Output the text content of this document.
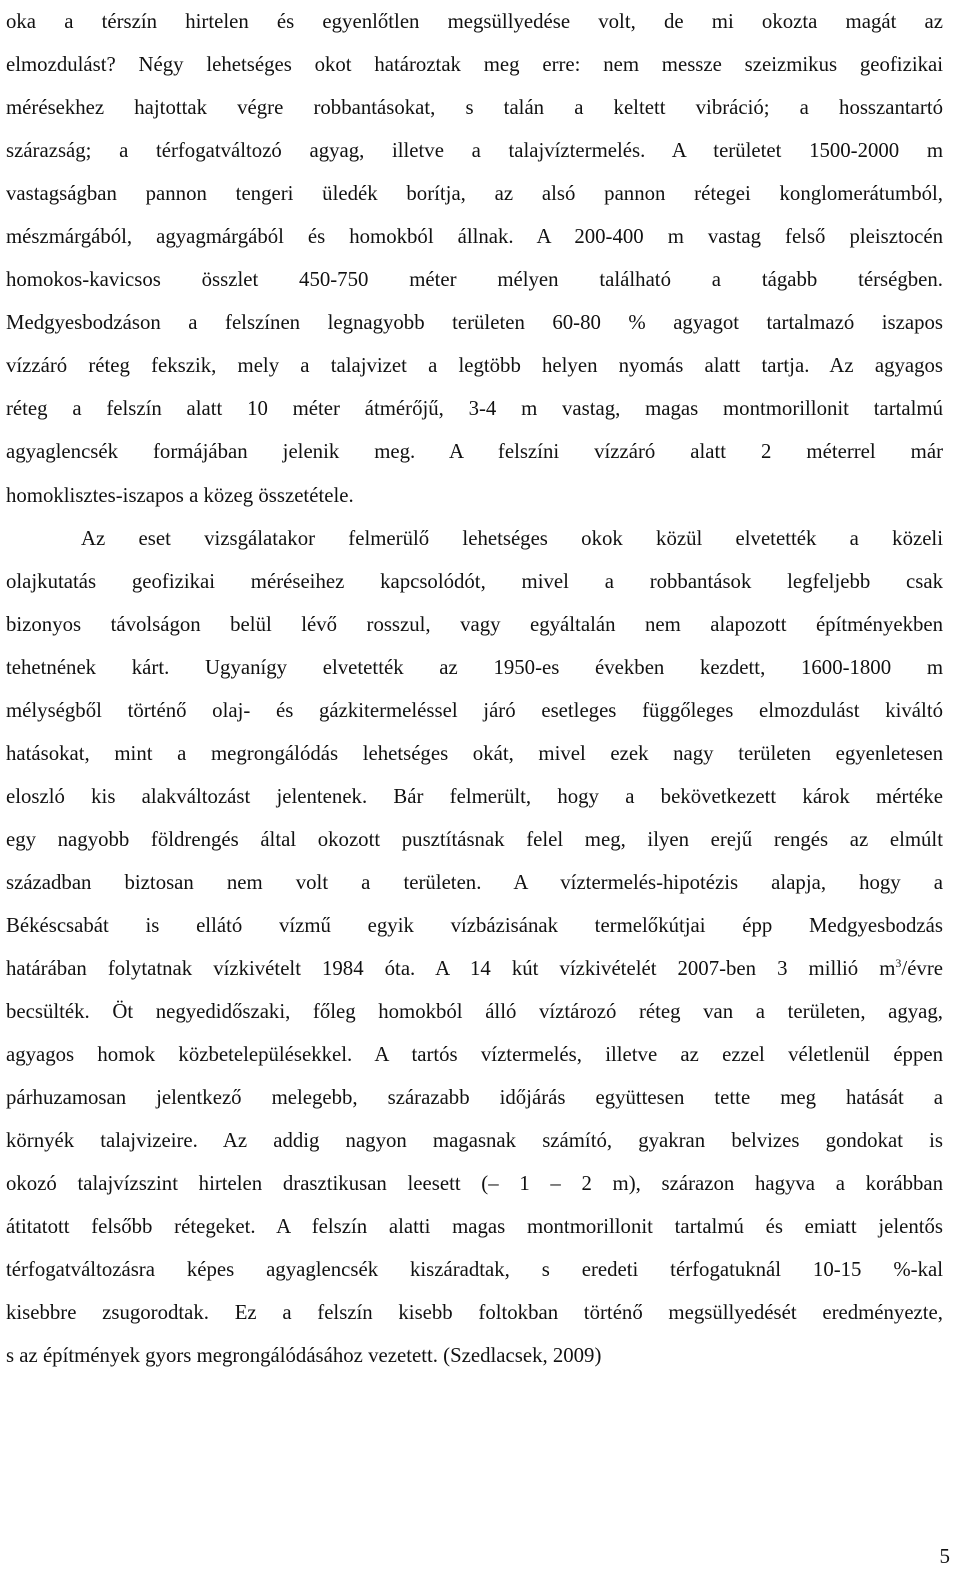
oka a térszín hirtelen és egyenlőtlen megsüllyedése volt, de mi okozta magát az
elmozdulást? Négy lehetséges okot határoztak meg erre: nem messze szeizmikus geofizikai
mérésekhez hajtottak végre robbantásokat, s talán a keltett vibráció; a hosszantartó
szárazság; a térfogatváltozó agyag, illetve a talajvíztermelés. A területet 1500-2000 m
vastagságban pannon tengeri üledék borítja, az alsó pannon rétegei konglomerátumból,
mészmárgából, agyagmárgából és homokból állnak. A 200-400 m vastag felső pleisztocén
homokos-kavicsos összlet 450-750 méter mélyen található a tágabb térségben.
Medgyesbodzáson a felszínen legnagyobb területen 60-80 % agyagot tartalmazó iszapos
vízzáró réteg fekszik, mely a talajvizet a legtöbb helyen nyomás alatt tartja. Az agyagos
réteg a felszín alatt 10 méter átmérőjű, 3-4 m vastag, magas montmorillonit tartalmú
agyaglencsék formájában jelenik meg. A felszíni vízzáró alatt 2 méterrel már
homoklisztes-iszapos a közeg összetétele.
Az eset vizsgálatakor felmerülő lehetséges okok közül elvetették a közeli
olajkutatás geofizikai méréseihez kapcsolódót, mivel a robbantások legfeljebb csak
bizonyos távolságon belül lévő rosszul, vagy egyáltalán nem alapozott építményekben
tehetnének kárt. Ugyanígy elvetették az 1950-es években kezdett, 1600-1800 m
mélységből történő olaj- és gázkitermeléssel járó esetleges függőleges elmozdulást kiváltó
hatásokat, mint a megrongálódás lehetséges okát, mivel ezek nagy területen egyenletesen
eloszló kis alakváltozást jelentenek. Bár felmerült, hogy a bekövetkezett károk mértéke
egy nagyobb földrengés által okozott pusztításnak felel meg, ilyen erejű rengés az elmúlt
században biztosan nem volt a területen. A víztermelés-hipotézis alapja, hogy a
Békéscsabát is ellátó vízmű egyik vízbázisának termelőkútjai épp Medgyesbodzás
határában folytatnak vízkivételt 1984 óta. A 14 kút vízkivételét 2007-ben 3 millió $m^3$/évre
becsülték. Öt negyedidőszaki, főleg homokból álló víztározó réteg van a területen, agyag,
agyagos homok közbetelepülésekkel. A tartós víztermelés, illetve az ezzel véletlenül éppen
párhuzamosan jelentkező melegebb, szárazabb időjárás együttesen tette meg hatását a
környék talajvizeire. Az addig nagyon magasnak számító, gyakran belvizes gondokat is
okozó talajvízszint hirtelen drasztikusan leesett (– 1 – 2 m), szárazon hagyva a korábban
átitatott felsőbb rétegeket. A felszín alatti magas montmorillonit tartalmú és emiatt jelentős
térfogatváltozásra képes agyaglencsék kiszáradtak, s eredeti térfogatuknál 10-15 %-kal
kisebbre zsugorodtak. Ez a felszín kisebb foltokban történő megsüllyedését eredményezte,
s az építmények gyors megrongálódásához vezetett. (Szedlacsek, 2009)
5
